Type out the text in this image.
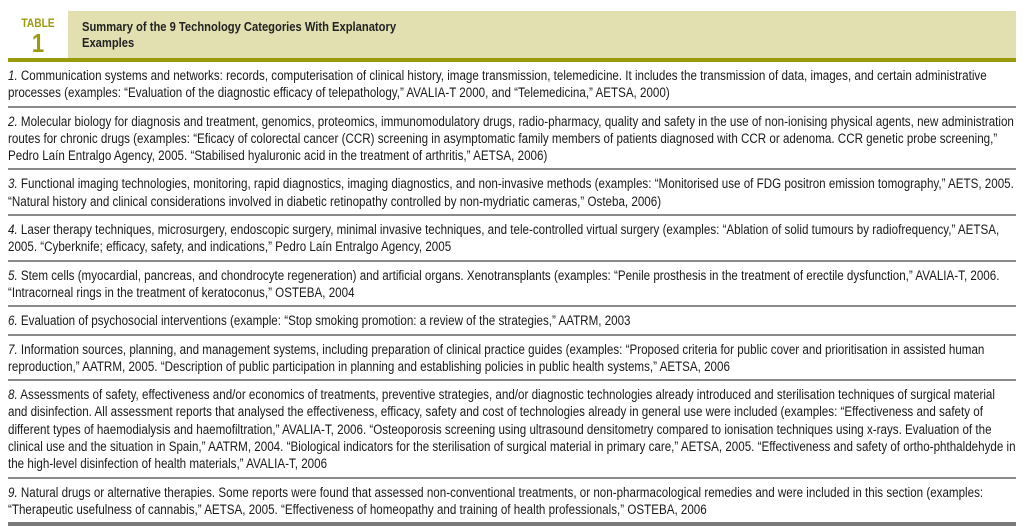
TABLE
1
Summary of the 9 Technology Categories With Explanatory Examples
1. Communication systems and networks: records, computerisation of clinical history, image transmission, telemedicine. It includes the transmission of data, images, and certain administrative processes (examples: “Evaluation of the diagnostic efficacy of telepathology,” AVALIA-T 2000, and “Telemedicina,” AETSA, 2000)
2. Molecular biology for diagnosis and treatment, genomics, proteomics, immunomodulatory drugs, radio-pharmacy, quality and safety in the use of non-ionising physical agents, new administration routes for chronic drugs (examples: “Eficacy of colorectal cancer (CCR) screening in asymptomatic family members of patients diagnosed with CCR or adenoma. CCR genetic probe screening,” Pedro Laín Entralgo Agency, 2005. “Stabilised hyaluronic acid in the treatment of arthritis,” AETSA, 2006)
3. Functional imaging technologies, monitoring, rapid diagnostics, imaging diagnostics, and non-invasive methods (examples: “Monitorised use of FDG positron emission tomography,” AETS, 2005. “Natural history and clinical considerations involved in diabetic retinopathy controlled by non-mydriatic cameras,” Osteba, 2006)
4. Laser therapy techniques, microsurgery, endoscopic surgery, minimal invasive techniques, and tele-controlled virtual surgery (examples: “Ablation of solid tumours by radiofrequency,” AETSA, 2005. “Cyberknife; efficacy, safety, and indications,” Pedro Laín Entralgo Agency, 2005
5. Stem cells (myocardial, pancreas, and chondrocyte regeneration) and artificial organs. Xenotransplants (examples: “Penile prosthesis in the treatment of erectile dysfunction,” AVALIA-T, 2006. “Intracorneal rings in the treatment of keratoconus,” OSTEBA, 2004
6. Evaluation of psychosocial interventions (example: “Stop smoking promotion: a review of the strategies,” AATRM, 2003
7. Information sources, planning, and management systems, including preparation of clinical practice guides (examples: “Proposed criteria for public cover and prioritisation in assisted human reproduction,” AATRM, 2005. “Description of public participation in planning and establishing policies in public health systems,” AETSA, 2006
8. Assessments of safety, effectiveness and/or economics of treatments, preventive strategies, and/or diagnostic technologies already introduced and sterilisation techniques of surgical material and disinfection. All assessment reports that analysed the effectiveness, efficacy, safety and cost of technologies already in general use were included (examples: “Effectiveness and safety of different types of haemodialysis and haemofiltration,” AVALIA-T, 2006. “Osteoporosis screening using ultrasound densitometry compared to ionisation techniques using x-rays. Evaluation of the clinical use and the situation in Spain,” AATRM, 2004. “Biological indicators for the sterilisation of surgical material in primary care,” AETSA, 2005. “Effectiveness and safety of ortho-phthaldehyde in the high-level disinfection of health materials,” AVALIA-T, 2006
9. Natural drugs or alternative therapies. Some reports were found that assessed non-conventional treatments, or non-pharmacological remedies and were included in this section (examples: “Therapeutic usefulness of cannabis,” AETSA, 2005. “Effectiveness of homeopathy and training of health professionals,” OSTEBA, 2006
